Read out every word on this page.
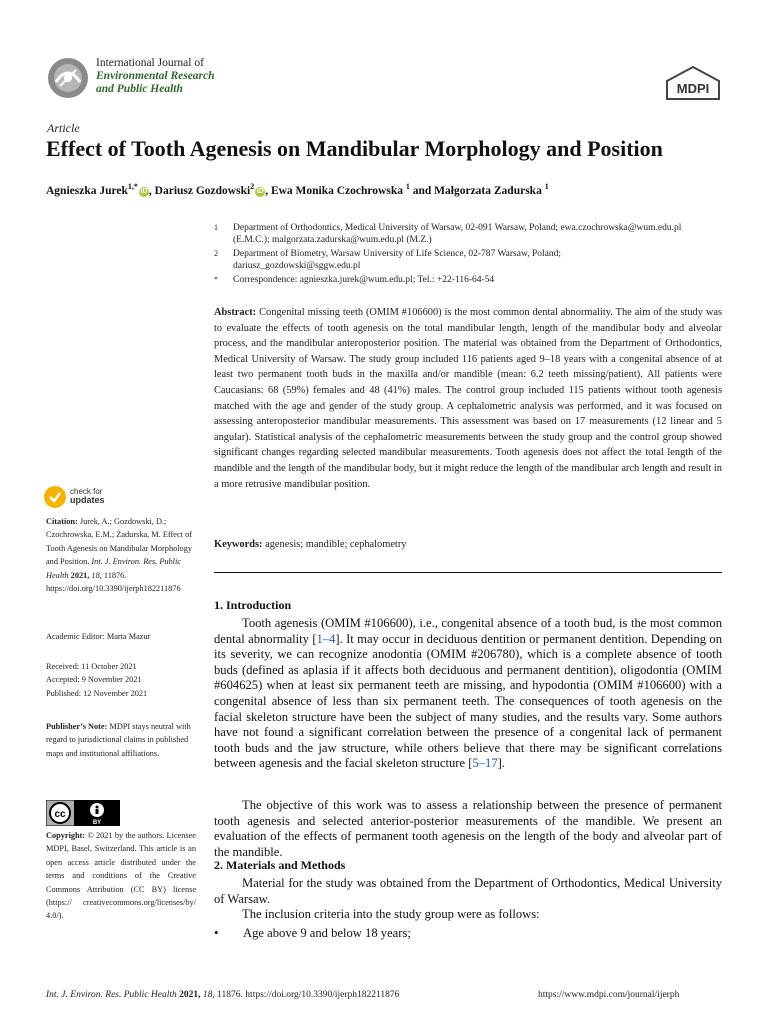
International Journal of
Environmental Research
and Public Health	MDPI
Article
Effect of Tooth Agenesis on Mandibular Morphology and Position
Agnieszka Jurek$^{1,*}$iD , Dariusz Gozdowski$^2$iD , Ewa Monika Czochrowska $^1$ and Małgorzata Zadurska $^1$
1 Department of Orthodontics, Medical University of Warsaw, 02-091 Warsaw, Poland; ewa.czochrowska@wum.edu.pl (E.M.C.); malgorzata.zadurska@wum.edu.pl (M.Z.)
2 Department of Biometry, Warsaw University of Life Science, 02-787 Warsaw, Poland; dariusz_gozdowski@sggw.edu.pl
* Correspondence: agnieszka.jurek@wum.edu.pl; Tel.: +22-116-64-54
Abstract: Congenital missing teeth (OMIM #106600) is the most common dental abnormality. The aim of the study was to evaluate the effects of tooth agenesis on the total mandibular length, length of the mandibular body and alveolar process, and the mandibular anteroposterior position. The material was obtained from the Department of Orthodontics, Medical University of Warsaw. The study group included 116 patients aged 9–18 years with a congenital absence of at least two permanent tooth buds in the maxilla and/or mandible (mean: 6.2 teeth missing/patient). All patients were Caucasians: 68 (59%) females and 48 (41%) males. The control group included 115 patients without tooth agenesis matched with the age and gender of the study group. A cephalometric analysis was performed, and it was focused on assessing anteroposterior mandibular measurements. This assessment was based on 17 measurements (12 linear and 5 angular). Statistical analysis of the cephalometric measurements between the study group and the control group showed significant changes regarding selected mandibular measurements. Tooth agenesis does not affect the total length of the mandible and the length of the mandibular body, but it might reduce the length of the mandibular arch length and result in a more retrusive mandibular position.
Keywords: agenesis; mandible; cephalometry
check for
updates
Citation: Jurek, A.; Gozdowski, D.; Czochrowska, E.M.; Zadurska, M. Effect of Tooth Agenesis on Mandibular Morphology and Position. Int. J. Environ. Res. Public Health 2021, 18, 11876. https://doi.org/10.3390/ijerph182211876
Academic Editor: Marta Mazur
Received: 11 October 2021
Accepted: 9 November 2021
Published: 12 November 2021
Publisher’s Note: MDPI stays neutral with regard to jurisdictional claims in published maps and institutional affiliations.
cc
BY
Copyright: © 2021 by the authors. Licensee MDPI, Basel, Switzerland. This article is an open access article distributed under the terms and conditions of the Creative Commons Attribution (CC BY) license (https:// creativecommons.org/licenses/by/ 4.0/).
1. Introduction
Tooth agenesis (OMIM #106600), i.e., congenital absence of a tooth bud, is the most common dental abnormality [1–4]. It may occur in deciduous dentition or permanent dentition. Depending on its severity, we can recognize anodontia (OMIM #206780), which is a complete absence of tooth buds (defined as aplasia if it affects both deciduous and permanent dentition), oligodontia (OMIM #604625) when at least six permanent teeth are missing, and hypodontia (OMIM #106600) with a congenital absence of less than six permanent teeth. The consequences of tooth agenesis on the facial skeleton structure have been the subject of many studies, and the results vary. Some authors have not found a significant correlation between the presence of a congenital lack of permanent tooth buds and the jaw structure, while others believe that there may be significant correlations between agenesis and the facial skeleton structure [5–17].
The objective of this work was to assess a relationship between the presence of permanent tooth agenesis and selected anterior-posterior measurements of the mandible. We present an evaluation of the effects of permanent tooth agenesis on the length of the body and alveolar part of the mandible.
2. Materials and Methods
Material for the study was obtained from the Department of Orthodontics, Medical University of Warsaw.
The inclusion criteria into the study group were as follows:
• Age above 9 and below 18 years;
Int. J. Environ. Res. Public Health 2021, 18, 11876. https://doi.org/10.3390/ijerph182211876	https://www.mdpi.com/journal/ijerph
